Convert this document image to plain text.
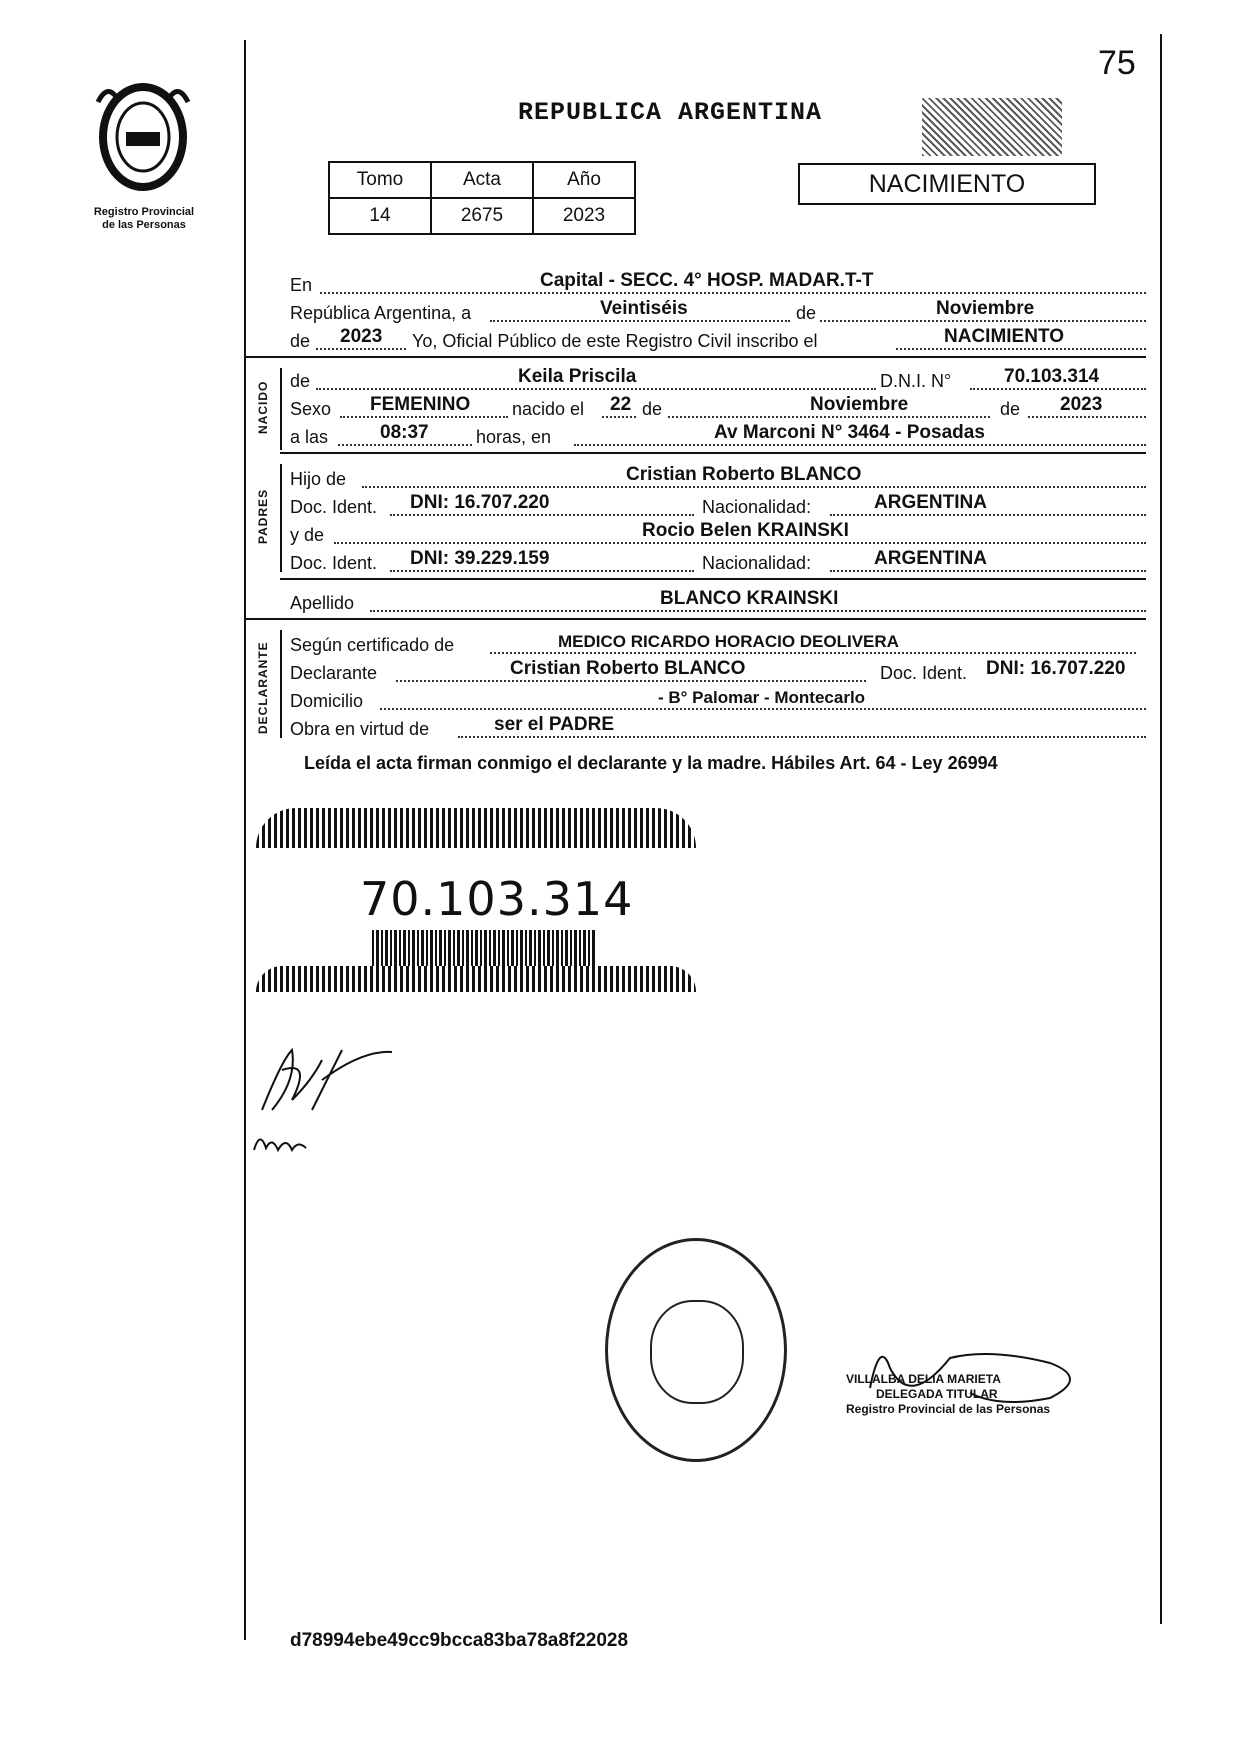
Registro Provincial
de las Personas
75
REPUBLICA ARGENTINA
Tomo	Acta	Año
14	2675	2023
NACIMIENTO
En	Capital - SECC. 4° HOSP. MADAR.T-T
República Argentina, a	Veintiséis	de	Noviembre
de 2023 Yo, Oficial Público de este Registro Civil inscribo el	NACIMIENTO
NACIDO de	Keila Priscila	D.N.I. N°	70.103.314
Sexo FEMENINO nacido el 22 de	Noviembre	de 2023
a las	08:37	horas, en	Av Marconi N° 3464 - Posadas
PADRES
Hijo de	Cristian Roberto BLANCO
Doc. Ident. DNI: 16.707.220	Nacionalidad:	ARGENTINA
y de	Rocio Belen KRAINSKI
Doc. Ident. DNI: 39.229.159	Nacionalidad:	ARGENTINA
Apellido	BLANCO KRAINSKI
DECLARANTE Según certificado de	MEDICO RICARDO HORACIO DEOLIVERA
Declarante	Cristian Roberto BLANCO	Doc. Ident. DNI: 16.707.220
Domicilio	- B° Palomar - Montecarlo
Obra en virtud de	ser el PADRE
Leída el acta firman conmigo el declarante y la madre. Hábiles Art. 64 - Ley 26994
70.103.314
VILLALBA DELIA MARIETA
DELEGADA TITULAR
Registro Provincial de las Personas
d78994ebe49cc9bcca83ba78a8f22028
